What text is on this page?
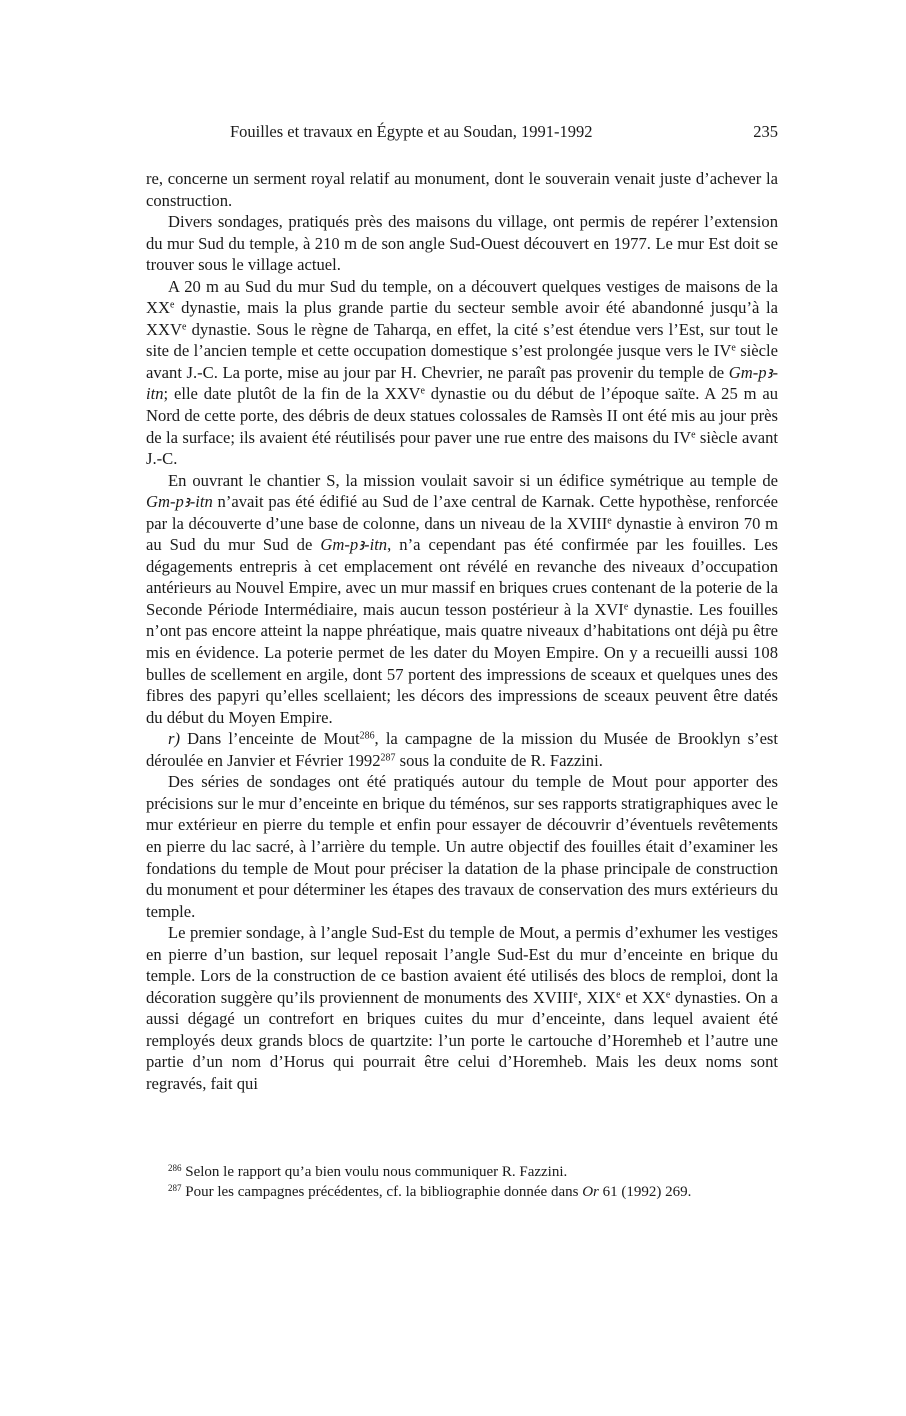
Fouilles et travaux en Égypte et au Soudan, 1991-1992	235

re, concerne un serment royal relatif au monument, dont le souverain venait juste d’achever la construction.

Divers sondages, pratiqués près des maisons du village, ont permis de repérer l’extension du mur Sud du temple, à 210 m de son angle Sud-Ouest découvert en 1977. Le mur Est doit se trouver sous le village actuel.

A 20 m au Sud du mur Sud du temple, on a découvert quelques vestiges de maisons de la XXe dynastie, mais la plus grande partie du secteur semble avoir été abandonné jusqu’à la XXVe dynastie. Sous le règne de Taharqa, en effet, la cité s’est étendue vers l’Est, sur tout le site de l’ancien temple et cette occupation domestique s’est prolongée jusque vers le IVe siècle avant J.-C. La porte, mise au jour par H. Chevrier, ne paraît pas provenir du temple de Gm-pꜣ-itn; elle date plutôt de la fin de la XXVe dynastie ou du début de l’époque saïte. A 25 m au Nord de cette porte, des débris de deux statues colossales de Ramsès II ont été mis au jour près de la surface; ils avaient été réutilisés pour paver une rue entre des maisons du IVe siècle avant J.-C.

En ouvrant le chantier S, la mission voulait savoir si un édifice symétrique au temple de Gm-pꜣ-itn n’avait pas été édifié au Sud de l’axe central de Karnak. Cette hypothèse, renforcée par la découverte d’une base de colonne, dans un niveau de la XVIIIe dynastie à environ 70 m au Sud du mur Sud de Gm-pꜣ-itn, n’a cependant pas été confirmée par les fouilles. Les dégagements entrepris à cet emplacement ont révélé en revanche des niveaux d’occupation antérieurs au Nouvel Empire, avec un mur massif en briques crues contenant de la poterie de la Seconde Période Intermédiaire, mais aucun tesson postérieur à la XVIe dynastie. Les fouilles n’ont pas encore atteint la nappe phréatique, mais quatre niveaux d’habitations ont déjà pu être mis en évidence. La poterie permet de les dater du Moyen Empire. On y a recueilli aussi 108 bulles de scellement en argile, dont 57 portent des impressions de sceaux et quelques unes des fibres des papyri qu’elles scellaient; les décors des impressions de sceaux peuvent être datés du début du Moyen Empire.

r) Dans l’enceinte de Mout$^{286}$, la campagne de la mission du Musée de Brooklyn s’est déroulée en Janvier et Février 1992$^{287}$ sous la conduite de R. Fazzini.

Des séries de sondages ont été pratiqués autour du temple de Mout pour apporter des précisions sur le mur d’enceinte en brique du téménos, sur ses rapports stratigraphiques avec le mur extérieur en pierre du temple et enfin pour essayer de découvrir d’éventuels revêtements en pierre du lac sacré, à l’arrière du temple. Un autre objectif des fouilles était d’examiner les fondations du temple de Mout pour préciser la datation de la phase principale de construction du monument et pour déterminer les étapes des travaux de conservation des murs extérieurs du temple.

Le premier sondage, à l’angle Sud-Est du temple de Mout, a permis d’exhumer les vestiges en pierre d’un bastion, sur lequel reposait l’angle Sud-Est du mur d’enceinte en brique du temple. Lors de la construction de ce bastion avaient été utilisés des blocs de remploi, dont la décoration suggère qu’ils proviennent de monuments des XVIIIe, XIXe et XXe dynasties. On a aussi dégagé un contrefort en briques cuites du mur d’enceinte, dans lequel avaient été remployés deux grands blocs de quartzite: l’un porte le cartouche d’Horemheb et l’autre une partie d’un nom d’Horus qui pourrait être celui d’Horemheb. Mais les deux noms sont regravés, fait qui

$^{286}$ Selon le rapport qu’a bien voulu nous communiquer R. Fazzini.

$^{287}$ Pour les campagnes précédentes, cf. la bibliographie donnée dans Or 61 (1992) 269.
